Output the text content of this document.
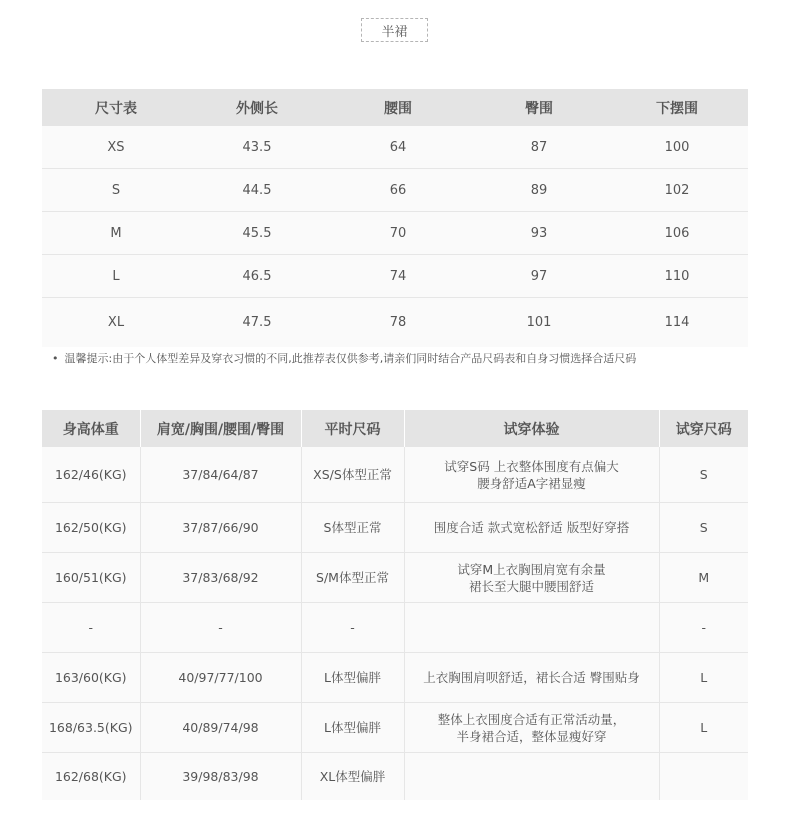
半裙
尺寸表	外侧长	腰围	臀围	下摆围
XS	43.5	64	87	100
S	44.5	66	89	102
M	45.5	70	93	106
L	46.5	74	97	110
XL	47.5	78	101	114
• 温馨提示:由于个人体型差异及穿衣习惯的不同,此推荐表仅供参考,请亲们同时结合产品尺码表和自身习惯选择合适尺码
身高体重	肩宽/胸围/腰围/臀围	平时尺码	试穿体验	试穿尺码
162/46(KG)	37/84/64/87	XS/S体型正常	试穿S码 上衣整体围度有点偏大
腰身舒适A字裙显瘦	S
162/50(KG)	37/87/66/90	S体型正常	围度合适 款式宽松舒适 版型好穿搭	S
160/51(KG)	37/83/68/92	S/M体型正常	试穿M上衣胸围肩宽有余量
裙长至大腿中腰围舒适	M
-	-	-		-
163/60(KG)	40/97/77/100	L体型偏胖	上衣胸围肩呗舒适，裙长合适 臀围贴身	L
168/63.5(KG)	40/89/74/98	L体型偏胖	整体上衣围度合适有正常活动量，
半身裙合适，整体显瘦好穿	L
162/68(KG)	39/98/83/98	XL体型偏胖	
